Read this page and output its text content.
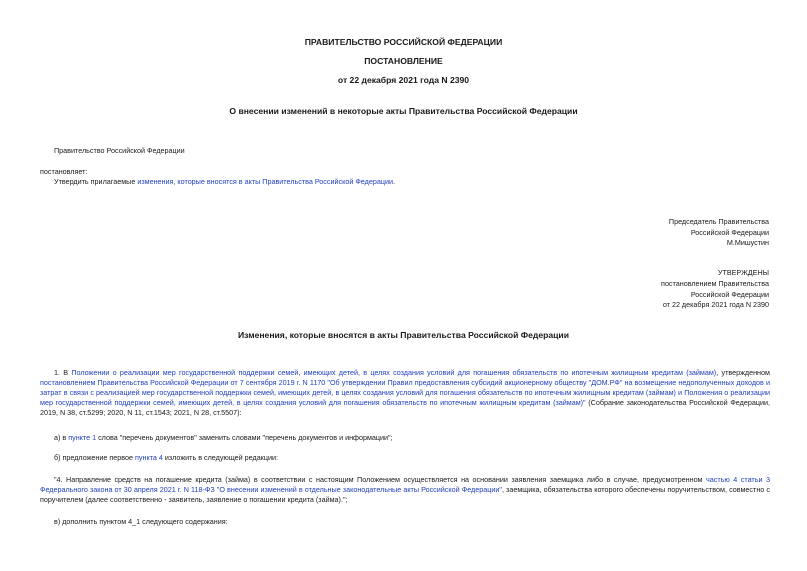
ПРАВИТЕЛЬСТВО РОССИЙСКОЙ ФЕДЕРАЦИИ
ПОСТАНОВЛЕНИЕ
от 22 декабря 2021 года N 2390
О внесении изменений в некоторые акты Правительства Российской Федерации
Правительство Российской Федерации
постановляет:
Утвердить прилагаемые изменения, которые вносятся в акты Правительства Российской Федерации.
Председатель Правительства
Российской Федерации
М.Мишустин
УТВЕРЖДЕНЫ
постановлением Правительства
Российской Федерации
от 22 декабря 2021 года N 2390
Изменения, которые вносятся в акты Правительства Российской Федерации
1. В Положении о реализации мер государственной поддержки семей, имеющих детей, в целях создания условий для погашения обязательств по ипотечным жилищным кредитам (займам), утвержденном постановлением Правительства Российской Федерации от 7 сентября 2019 г. N 1170 "Об утверждении Правил предоставления субсидий акционерному обществу "ДОМ.РФ" на возмещение недополученных доходов и затрат в связи с реализацией мер государственной поддержки семей, имеющих детей, в целях создания условий для погашения обязательств по ипотечным жилищным кредитам (займам) и Положения о реализации мер государственной поддержки семей, имеющих детей, в целях создания условий для погашения обязательств по ипотечным жилищным кредитам (займам)" (Собрание законодательства Российской Федерации, 2019, N 38, ст.5299; 2020, N 11, ст.1543; 2021, N 28, ст.5507):
а) в пункте 1 слова "перечень документов" заменить словами "перечень документов и информации";
б) предложение первое пункта 4 изложить в следующей редакции:
"4. Направление средств на погашение кредита (займа) в соответствии с настоящим Положением осуществляется на основании заявления заемщика либо в случае, предусмотренном частью 4 статьи 3 Федерального закона от 30 апреля 2021 г. N 118-ФЗ "О внесении изменений в отдельные законодательные акты Российской Федерации", заемщика, обязательства которого обеспечены поручительством, совместно с поручителем (далее соответственно - заявитель, заявление о погашении кредита (займа).";
в) дополнить пунктом 4_1 следующего содержания:
